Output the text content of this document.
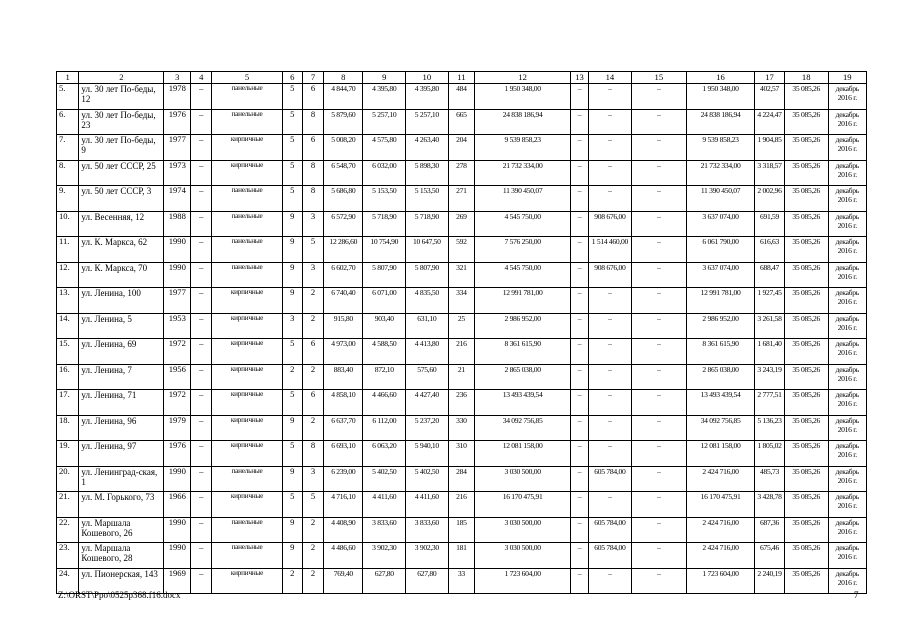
1	2	3	4	5	6	7	8	9	10	11	12	13	14	15	16	17	18	19
5.	ул. 30 лет По-беды, 12	1978	–	панельные	5	6	4 844,70	4 395,80	4 395,80	484	1 950 348,00	–	–	–	1 950 348,00	402,57	35 085,26	декабрь 2016 г.
6.	ул. 30 лет По-беды, 23	1976	–	панельные	5	8	5 879,60	5 257,10	5 257,10	665	24 838 186,94	–	–	–	24 838 186,94	4 224,47	35 085,26	декабрь 2016 г.
7.	ул. 30 лет По-беды, 9	1977	–	кирпичные	5	6	5 008,20	4 575,80	4 263,40	204	9 539 858,23	–	–	–	9 539 858,23	1 904,85	35 085,26	декабрь 2016 г.
8.	ул. 50 лет СССР, 25	1973	–	кирпичные	5	8	6 548,70	6 032,00	5 898,30	278	21 732 334,00	–	–	–	21 732 334,00	3 318,57	35 085,26	декабрь 2016 г.
9.	ул. 50 лет СССР, 3	1974	–	панельные	5	8	5 686,80	5 153,50	5 153,50	271	11 390 450,07	–	–	–	11 390 450,07	2 002,96	35 085,26	декабрь 2016 г.
10.	ул. Весенняя, 12	1988	–	панельные	9	3	6 572,90	5 718,90	5 718,90	269	4 545 750,00	–	908 676,00	–	3 637 074,00	691,59	35 085,26	декабрь 2016 г.
11.	ул. К. Маркса, 62	1990	–	панельные	9	5	12 286,60	10 754,90	10 647,50	592	7 576 250,00	–	1 514 460,00	–	6 061 790,00	616,63	35 085,26	декабрь 2016 г.
12.	ул. К. Маркса, 70	1990	–	панельные	9	3	6 602,70	5 807,90	5 807,90	321	4 545 750,00	–	908 676,00	–	3 637 074,00	688,47	35 085,26	декабрь 2016 г.
13.	ул. Ленина, 100	1977	–	кирпичные	9	2	6 740,40	6 071,00	4 835,50	334	12 991 781,00	–	–	–	12 991 781,00	1 927,45	35 085,26	декабрь 2016 г.
14.	ул. Ленина, 5	1953	–	кирпичные	3	2	915,80	903,40	631,10	25	2 986 952,00	–	–	–	2 986 952,00	3 261,58	35 085,26	декабрь 2016 г.
15.	ул. Ленина, 69	1972	–	кирпичные	5	6	4 973,00	4 588,50	4 413,80	216	8 361 615,90	–	–	–	8 361 615,90	1 681,40	35 085,26	декабрь 2016 г.
16.	ул. Ленина, 7	1956	–	кирпичные	2	2	883,40	872,10	575,60	21	2 865 038,00	–	–	–	2 865 038,00	3 243,19	35 085,26	декабрь 2016 г.
17.	ул. Ленина, 71	1972	–	кирпичные	5	6	4 858,10	4 466,60	4 427,40	236	13 493 439,54	–	–	–	13 493 439,54	2 777,51	35 085,26	декабрь 2016 г.
18.	ул. Ленина, 96	1979	–	кирпичные	9	2	6 637,70	6 112,00	5 237,20	330	34 092 756,85	–	–	–	34 092 756,85	5 136,23	35 085,26	декабрь 2016 г.
19.	ул. Ленина, 97	1976	–	кирпичные	5	8	6 693,10	6 063,20	5 940,10	310	12 081 158,00	–	–	–	12 081 158,00	1 805,02	35 085,26	декабрь 2016 г.
20.	ул. Ленинград-ская, 1	1990	–	панельные	9	3	6 239,00	5 402,50	5 402,50	284	3 030 500,00	–	605 784,00	–	2 424 716,00	485,73	35 085,26	декабрь 2016 г.
21.	ул. М. Горького, 73	1966	–	кирпичные	5	5	4 716,10	4 411,60	4 411,60	216	16 170 475,91	–	–	–	16 170 475,91	3 428,78	35 085,26	декабрь 2016 г.
22.	ул. Маршала Кошевого, 26	1990	–	панельные	9	2	4 408,90	3 833,60	3 833,60	185	3 030 500,00	–	605 784,00	–	2 424 716,00	687,36	35 085,26	декабрь 2016 г.
23.	ул. Маршала Кошевого, 28	1990	–	панельные	9	2	4 486,60	3 902,30	3 902,30	181	3 030 500,00	–	605 784,00	–	2 424 716,00	675,46	35 085,26	декабрь 2016 г.
24.	ул. Пионерская, 143	1969	–	кирпичные	2	2	769,40	627,80	627,80	33	1 723 604,00	–	–	–	1 723 604,00	2 240,19	35 085,26	декабрь 2016 г.
Z:\ORST\Ppo\0525p368.f16.docx	7
